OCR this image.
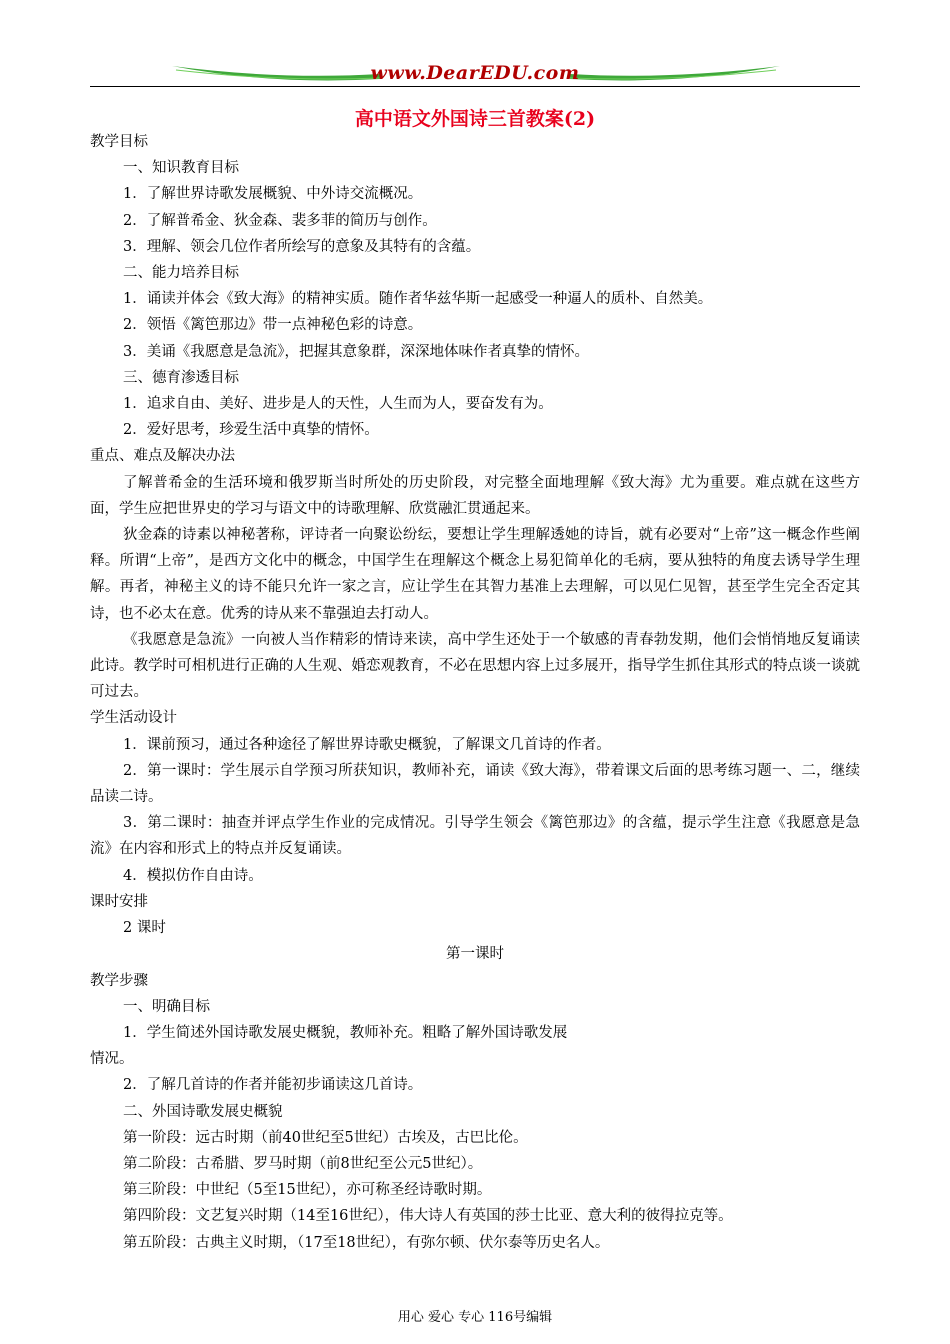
www.DearEDU.com
高中语文外国诗三首教案(2)

教学目标

一、知识教育目标

1．了解世界诗歌发展概貌、中外诗交流概况。

2．了解普希金、狄金森、裴多菲的简历与创作。

3．理解、领会几位作者所绘写的意象及其特有的含蕴。

二、能力培养目标

1．诵读并体会《致大海》的精神实质。随作者华兹华斯一起感受一种逼人的质朴、自然美。

2．领悟《篱笆那边》带一点神秘色彩的诗意。

3．美诵《我愿意是急流》，把握其意象群，深深地体味作者真挚的情怀。

三、德育渗透目标

1．追求自由、美好、进步是人的天性，人生而为人，要奋发有为。

2．爱好思考，珍爱生活中真挚的情怀。

重点、难点及解决办法

了解普希金的生活环境和俄罗斯当时所处的历史阶段，对完整全面地理解《致大海》尤为重要。难点就在这些方面，学生应把世界史的学习与语文中的诗歌理解、欣赏融汇贯通起来。

狄金森的诗素以神秘著称，评诗者一向聚讼纷纭，要想让学生理解透她的诗旨，就有必要对“上帝”这一概念作些阐释。所谓“上帝”，是西方文化中的概念，中国学生在理解这个概念上易犯简单化的毛病，要从独特的角度去诱导学生理解。再者，神秘主义的诗不能只允许一家之言，应让学生在其智力基准上去理解，可以见仁见智，甚至学生完全否定其诗，也不必太在意。优秀的诗从来不靠强迫去打动人。

《我愿意是急流》一向被人当作精彩的情诗来读，高中学生还处于一个敏感的青春勃发期，他们会悄悄地反复诵读此诗。教学时可相机进行正确的人生观、婚恋观教育，不必在思想内容上过多展开，指导学生抓住其形式的特点谈一谈就可过去。

学生活动设计

1．课前预习，通过各种途径了解世界诗歌史概貌，了解课文几首诗的作者。

2．第一课时：学生展示自学预习所获知识，教师补充，诵读《致大海》，带着课文后面的思考练习题一、二，继续品读二诗。

3．第二课时：抽查并评点学生作业的完成情况。引导学生领会《篱笆那边》的含蕴，提示学生注意《我愿意是急流》在内容和形式上的特点并反复诵读。

4．模拟仿作自由诗。

课时安排

2 课时

第一课时

教学步骤

一、明确目标

1．学生简述外国诗歌发展史概貌，教师补充。粗略了解外国诗歌发展

情况。

2．了解几首诗的作者并能初步诵读这几首诗。

二、外国诗歌发展史概貌

第一阶段：远古时期（前40世纪至5世纪）古埃及，古巴比伦。

第二阶段：古希腊、罗马时期（前8世纪至公元5世纪）。

第三阶段：中世纪（5至15世纪），亦可称圣经诗歌时期。

第四阶段：文艺复兴时期（14至16世纪），伟大诗人有英国的莎士比亚、意大利的彼得拉克等。

第五阶段：古典主义时期，（17至18世纪），有弥尔顿、伏尔泰等历史名人。

用心 爱心 专心 116号编辑
